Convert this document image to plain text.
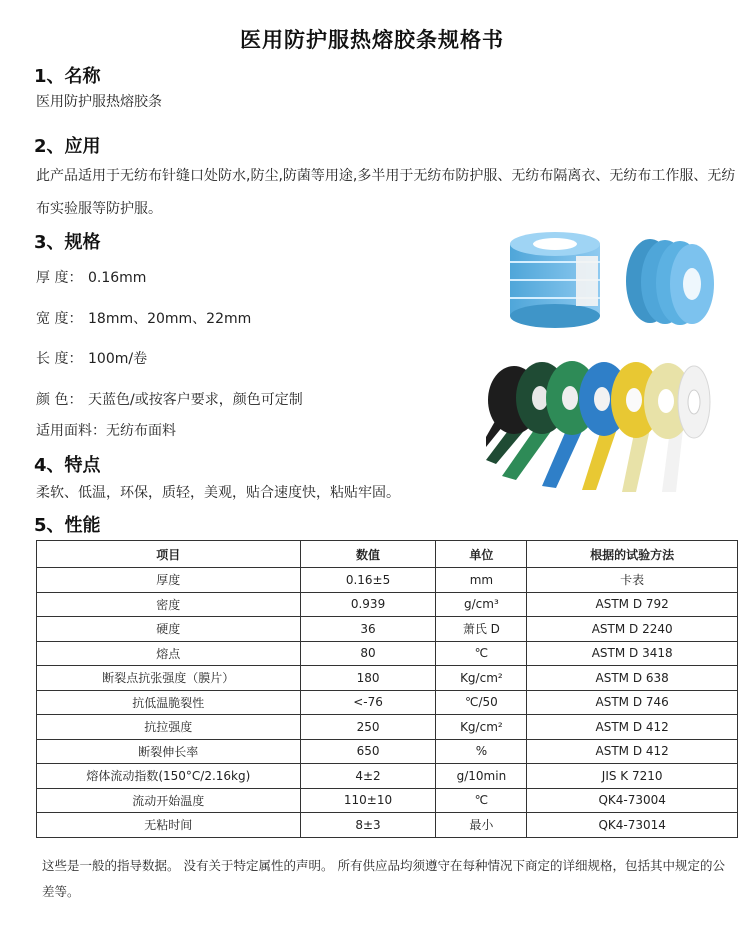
医用防护服热熔胶条规格书
1、名称
医用防护服热熔胶条
2、应用
此产品适用于无纺布针缝口处防水,防尘,防菌等用途,多半用于无纺布防护服、无纺布隔离衣、无纺布工作服、无纺布实验服等防护服。
3、规格
厚 度： 0.16mm
宽 度： 18mm、20mm、22mm
长 度： 100m/卷
颜 色： 天蓝色/或按客户要求，颜色可定制
适用面料：无纺布面料
4、特点
柔软、低温，环保，质轻，美观，贴合速度快，粘贴牢固。
5、性能
项目	数值	单位	根据的试验方法
厚度	0.16±5	mm	卡表
密度	0.939	g/cm³	ASTM D 792
硬度	36	萧氏 D	ASTM D 2240
熔点	80	℃	ASTM D 3418
断裂点抗张强度（膜片）	180	Kg/cm²	ASTM D 638
抗低温脆裂性	<-76	℃/50	ASTM D 746
抗拉强度	250	Kg/cm²	ASTM D 412
断裂伸长率	650	%	ASTM D 412
熔体流动指数(150°C/2.16kg)	4±2	g/10min	JIS K 7210
流动开始温度	110±10	℃	QK4-73004
无粘时间	8±3	最小	QK4-73014
这些是一般的指导数据。 没有关于特定属性的声明。 所有供应品均须遵守在每种情况下商定的详细规格，包括其中规定的公差等。
